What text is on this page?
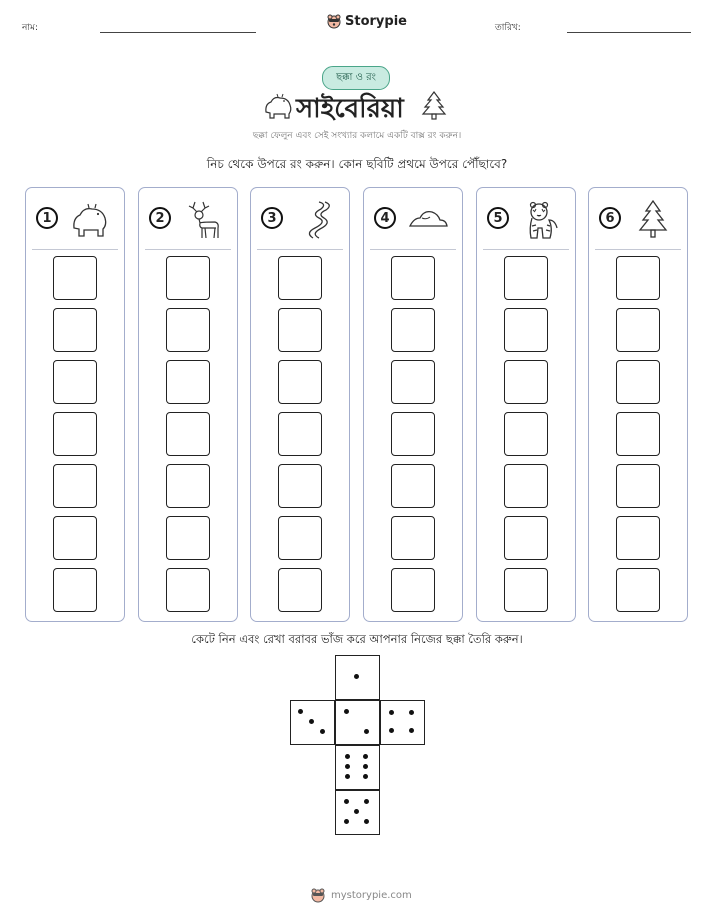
নাম:	Storypie	তারিখ:
ছক্কা ও রং
সাইবেরিয়া
ছক্কা ফেলুন এবং সেই সংখ্যার কলামে একটি বাক্স রং করুন।
নিচ থেকে উপরে রং করুন। কোন ছবিটি প্রথমে উপরে পৌঁছাবে?
1	2	3	4	5	6
কেটে নিন এবং রেখা বরাবর ভাঁজ করে আপনার নিজের ছক্কা তৈরি করুন।
mystorypie.com
